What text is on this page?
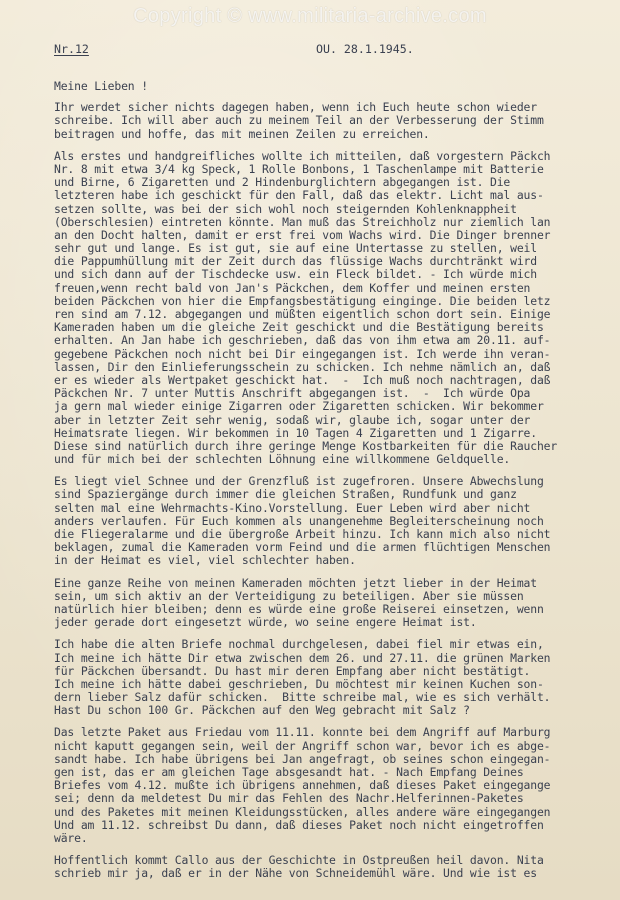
Copyright © www.militaria-archive.com
Nr.12	OU. 28.1.1945.
Meine Lieben !
Ihr werdet sicher nichts dagegen haben, wenn ich Euch heute schon wieder
schreibe. Ich will aber auch zu meinem Teil an der Verbesserung der Stimm
beitragen und hoffe, das mit meinen Zeilen zu erreichen.
Als erstes und handgreifliches wollte ich mitteilen, daß vorgestern Päckch
Nr. 8 mit etwa 3/4 kg Speck, 1 Rolle Bonbons, 1 Taschenlampe mit Batterie
und Birne, 6 Zigaretten und 2 Hindenburglichtern abgegangen ist. Die
letzteren habe ich geschickt für den Fall, daß das elektr. Licht mal aus-
setzen sollte, was bei der sich wohl noch steigernden Kohlenknappheit
(Oberschlesien) eintreten könnte. Man muß das Streichholz nur ziemlich lan
an den Docht halten, damit er erst frei vom Wachs wird. Die Dinger brenner
sehr gut und lange. Es ist gut, sie auf eine Untertasse zu stellen, weil
die Pappumhüllung mit der Zeit durch das flüssige Wachs durchtränkt wird
und sich dann auf der Tischdecke usw. ein Fleck bildet. - Ich würde mich
freuen,wenn recht bald von Jan's Päckchen, dem Koffer und meinen ersten
beiden Päckchen von hier die Empfangsbestätigung einginge. Die beiden letz
ren sind am 7.12. abgegangen und müßten eigentlich schon dort sein. Einige
Kameraden haben um die gleiche Zeit geschickt und die Bestätigung bereits
erhalten. An Jan habe ich geschrieben, daß das von ihm etwa am 20.11. auf-
gegebene Päckchen noch nicht bei Dir eingegangen ist. Ich werde ihn veran-
lassen, Dir den Einlieferungsschein zu schicken. Ich nehme nämlich an, daß
er es wieder als Wertpaket geschickt hat.  -  Ich muß noch nachtragen, daß
Päckchen Nr. 7 unter Muttis Anschrift abgegangen ist.  -  Ich würde Opa
ja gern mal wieder einige Zigarren oder Zigaretten schicken. Wir bekommer
aber in letzter Zeit sehr wenig, sodaß wir, glaube ich, sogar unter der
Heimatsrate liegen. Wir bekommen in 10 Tagen 4 Zigaretten und 1 Zigarre.
Diese sind natürlich durch ihre geringe Menge Kostbarkeiten für die Raucher
und für mich bei der schlechten Löhnung eine willkommene Geldquelle.
Es liegt viel Schnee und der Grenzfluß ist zugefroren. Unsere Abwechslung
sind Spaziergänge durch immer die gleichen Straßen, Rundfunk und ganz
selten mal eine Wehrmachts-Kino.Vorstellung. Euer Leben wird aber nicht
anders verlaufen. Für Euch kommen als unangenehme Begleiterscheinung noch
die Fliegeralarme und die übergroße Arbeit hinzu. Ich kann mich also nicht
beklagen, zumal die Kameraden vorm Feind und die armen flüchtigen Menschen
in der Heimat es viel, viel schlechter haben.
Eine ganze Reihe von meinen Kameraden möchten jetzt lieber in der Heimat
sein, um sich aktiv an der Verteidigung zu beteiligen. Aber sie müssen
natürlich hier bleiben; denn es würde eine große Reiserei einsetzen, wenn
jeder gerade dort eingesetzt würde, wo seine engere Heimat ist.
Ich habe die alten Briefe nochmal durchgelesen, dabei fiel mir etwas ein,
Ich meine ich hätte Dir etwa zwischen dem 26. und 27.11. die grünen Marken
für Päckchen übersandt. Du hast mir deren Empfang aber nicht bestätigt.
Ich meine ich hätte dabei geschrieben, Du möchtest mir keinen Kuchen son-
dern lieber Salz dafür schicken.  Bitte schreibe mal, wie es sich verhält.
Hast Du schon 100 Gr. Päckchen auf den Weg gebracht mit Salz ?
Das letzte Paket aus Friedau vom 11.11. konnte bei dem Angriff auf Marburg
nicht kaputt gegangen sein, weil der Angriff schon war, bevor ich es abge-
sandt habe. Ich habe übrigens bei Jan angefragt, ob seines schon eingegan-
gen ist, das er am gleichen Tage absgesandt hat. - Nach Empfang Deines
Briefes vom 4.12. mußte ich übrigens annehmen, daß dieses Paket eingegange
sei; denn da meldetest Du mir das Fehlen des Nachr.Helferinnen-Paketes
und des Paketes mit meinen Kleidungsstücken, alles andere wäre eingegangen
Und am 11.12. schreibst Du dann, daß dieses Paket noch nicht eingetroffen
wäre.
Hoffentlich kommt Callo aus der Geschichte in Ostpreußen heil davon. Nita
schrieb mir ja, daß er in der Nähe von Schneidemühl wäre. Und wie ist es
